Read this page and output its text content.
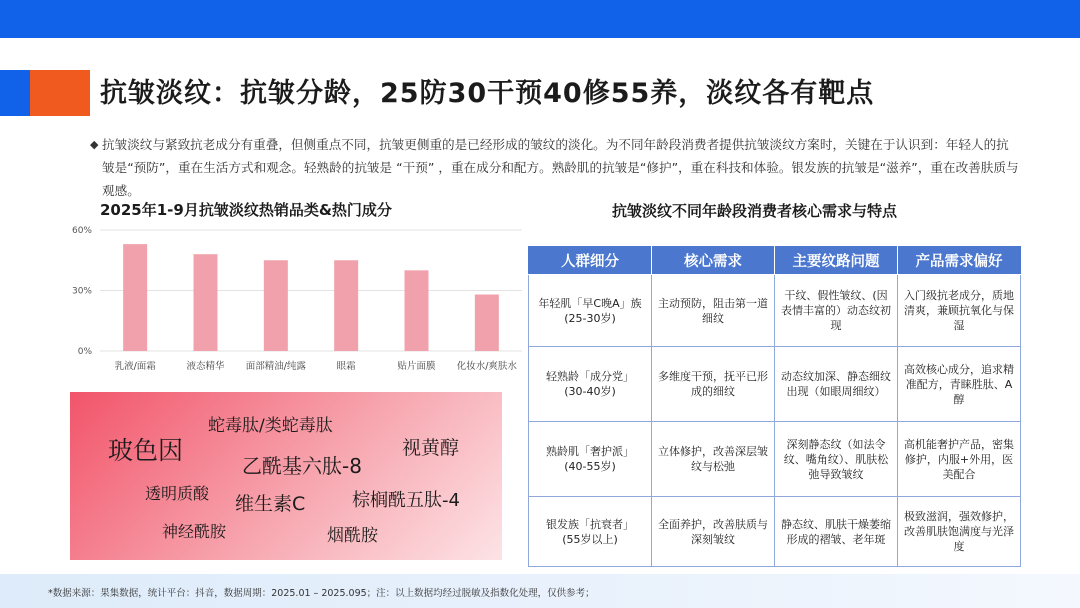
抗皱淡纹：抗皱分龄，25防30干预40修55养，淡纹各有靶点
◆ 抗皱淡纹与紧致抗老成分有重叠，但侧重点不同，抗皱更侧重的是已经形成的皱纹的淡化。为不同年龄段消费者提供抗皱淡纹方案时，关键在于认识到：年轻人的抗皱是“预防”，重在生活方式和观念。轻熟龄的抗皱是 “干预” ，重在成分和配方。熟龄肌的抗皱是“修护”，重在科技和体验。银发族的抗皱是“滋养”，重在改善肤质与观感。

2025年1-9月抗皱淡纹热销品类&热门成分	抗皱淡纹不同年龄段消费者核心需求与特点
60%
30%
0%
乳液/面霜	液态精华 面部精油/纯露	眼霜	贴片面膜 化妆水/爽肤水
蛇毒肽/类蛇毒肽
玻色因	视黄醇
乙酰基六肽-8
透明质酸 维生素C	棕榈酰五肽-4
神经酰胺	烟酰胺
人群细分	核心需求	主要纹路问题	产品需求偏好
年轻肌「早C晚A」族
(25-30岁)	主动预防，阻击第一道细纹	干纹、假性皱纹、(因表情丰富的）动态纹初现	入门级抗老成分，质地清爽，兼顾抗氧化与保湿
轻熟龄「成分党」
(30-40岁)	多维度干预，抚平已形成的细纹	动态纹加深、静态细纹出现（如眼周细纹）	高效核心成分，追求精准配方，青睐胜肽、A醇
熟龄肌「奢护派」
(40-55岁)	立体修护，改善深层皱纹与松弛	深刻静态纹（如法令纹、嘴角纹）、肌肤松弛导致皱纹	高机能奢护产品，密集修护，内服+外用，医美配合
银发族「抗衰者」
(55岁以上)	全面养护，改善肤质与深刻皱纹	静态纹、肌肤干燥萎缩形成的褶皱、老年斑	极致滋润，强效修护，改善肌肤饱满度与光泽度
*数据来源：果集数据，统计平台：抖音，数据周期：2025.01 – 2025.095；注：以上数据均经过脱敏及指数化处理，仅供参考；
